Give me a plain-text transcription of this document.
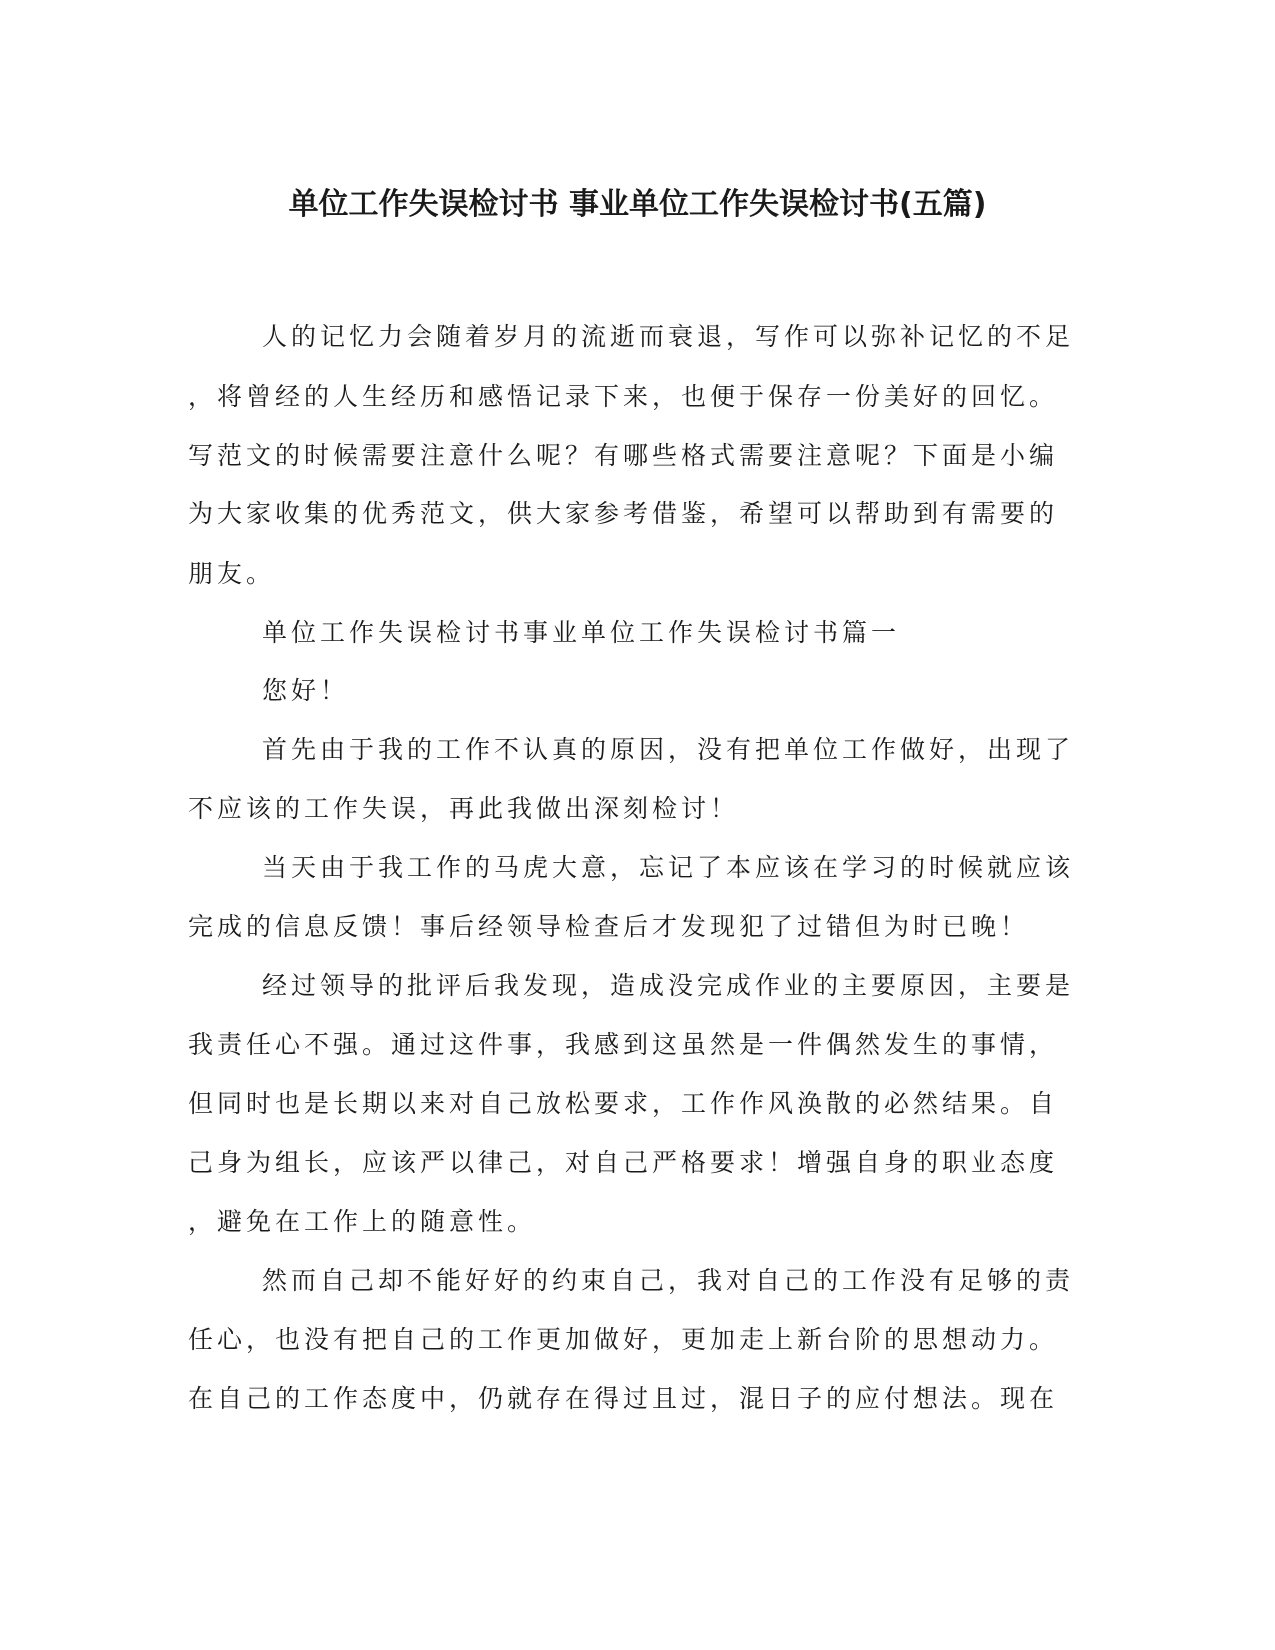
单位工作失误检讨书 事业单位工作失误检讨书(五篇)
人的记忆力会随着岁月的流逝而衰退，写作可以弥补记忆的不足
，将曾经的人生经历和感悟记录下来，也便于保存一份美好的回忆。
写范文的时候需要注意什么呢？有哪些格式需要注意呢？下面是小编
为大家收集的优秀范文，供大家参考借鉴，希望可以帮助到有需要的
朋友。
单位工作失误检讨书事业单位工作失误检讨书篇一
您好！
首先由于我的工作不认真的原因，没有把单位工作做好，出现了
不应该的工作失误，再此我做出深刻检讨！
当天由于我工作的马虎大意，忘记了本应该在学习的时候就应该
完成的信息反馈！事后经领导检查后才发现犯了过错但为时已晚！
经过领导的批评后我发现，造成没完成作业的主要原因，主要是
我责任心不强。通过这件事，我感到这虽然是一件偶然发生的事情，
但同时也是长期以来对自己放松要求，工作作风涣散的必然结果。自
己身为组长，应该严以律己，对自己严格要求！增强自身的职业态度
，避免在工作上的随意性。
然而自己却不能好好的约束自己，我对自己的工作没有足够的责
任心，也没有把自己的工作更加做好，更加走上新台阶的思想动力。
在自己的工作态度中，仍就存在得过且过，混日子的应付想法。现在
